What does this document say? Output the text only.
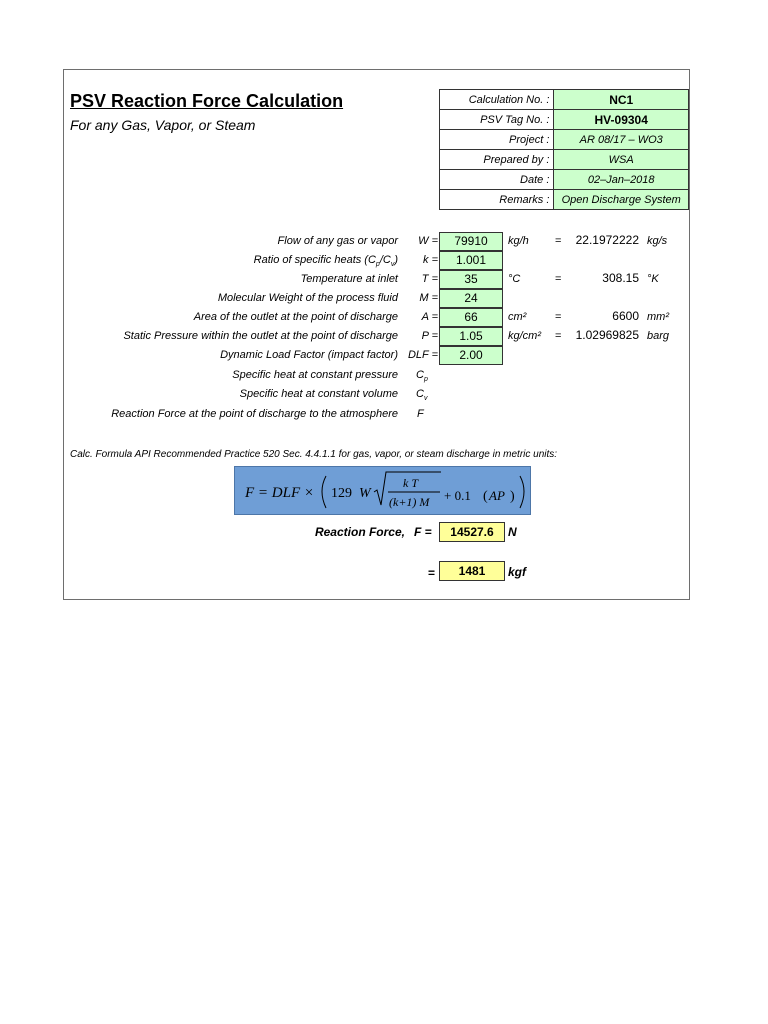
PSV Reaction Force Calculation
For any Gas, Vapor, or Steam
Calculation No. :	NC1
PSV Tag No. :	HV-09304
Project :	AR 08/17 – WO3
Prepared by :	WSA
Date :	02–Jan–2018
Remarks :	Open Discharge System
Flow of any gas or vapor	W =	79910	kg/h =	22.1972222 kg/s
Ratio of specific heats $(C_p/C_v)$	k =	1.001
Temperature at inlet	T =	35	°C	=	308.15 °K
Molecular Weight of the process fluid	M =	24
Area of the outlet at the point of discharge	A =	66	cm²	=	6600 mm²
Static Pressure within the outlet at the point of discharge	P =	1.05	kg/cm² =	1.02969825 barg
Dynamic Load Factor (impact factor) DLF =	2.00
Specific heat at constant pressure $C_p$
Specific heat at constant volume $C_v$
Reaction Force at the point of discharge to the atmosphere F
Calc. Formula API Recommended Practice 520 Sec. 4.4.1.1 for gas, vapor, or steam discharge in metric units:
F = DLF × 129 W
k T
(k+1) M + 0.1 ( AP )
Reaction Force, F =	14527.6	N
=	1481	kgf
